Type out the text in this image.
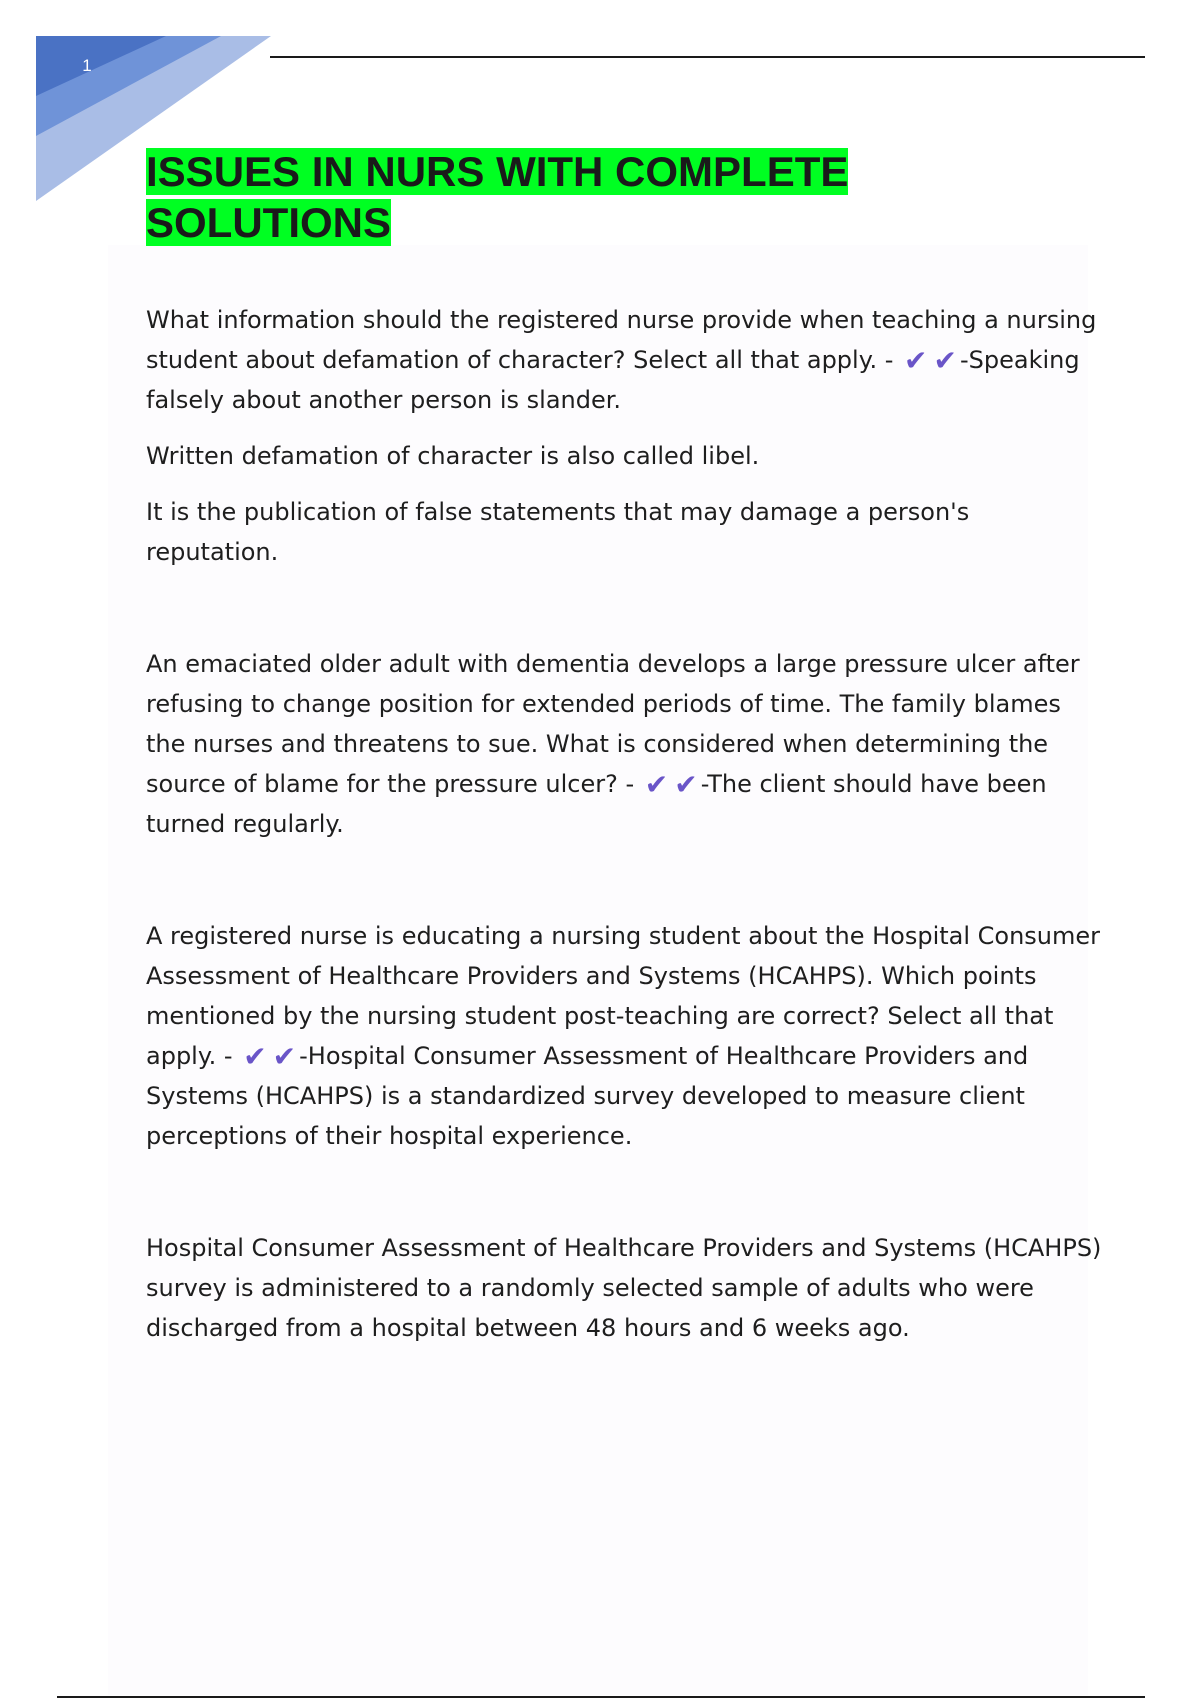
1
ISSUES IN NURS WITH COMPLETE
SOLUTIONS

What information should the registered nurse provide when teaching a nursing student about defamation of character? Select all that apply. - ✔ ✔ -Speaking falsely about another person is slander.

Written defamation of character is also called libel.

It is the publication of false statements that may damage a person's reputation.

An emaciated older adult with dementia develops a large pressure ulcer after refusing to change position for extended periods of time. The family blames the nurses and threatens to sue. What is considered when determining the source of blame for the pressure ulcer? - ✔ ✔ -The client should have been turned regularly.

A registered nurse is educating a nursing student about the Hospital Consumer Assessment of Healthcare Providers and Systems (HCAHPS). Which points mentioned by the nursing student post-teaching are correct? Select all that apply. - ✔ ✔ -Hospital Consumer Assessment of Healthcare Providers and Systems (HCAHPS) is a standardized survey developed to measure client perceptions of their hospital experience.

Hospital Consumer Assessment of Healthcare Providers and Systems (HCAHPS) survey is administered to a randomly selected sample of adults who were discharged from a hospital between 48 hours and 6 weeks ago.
